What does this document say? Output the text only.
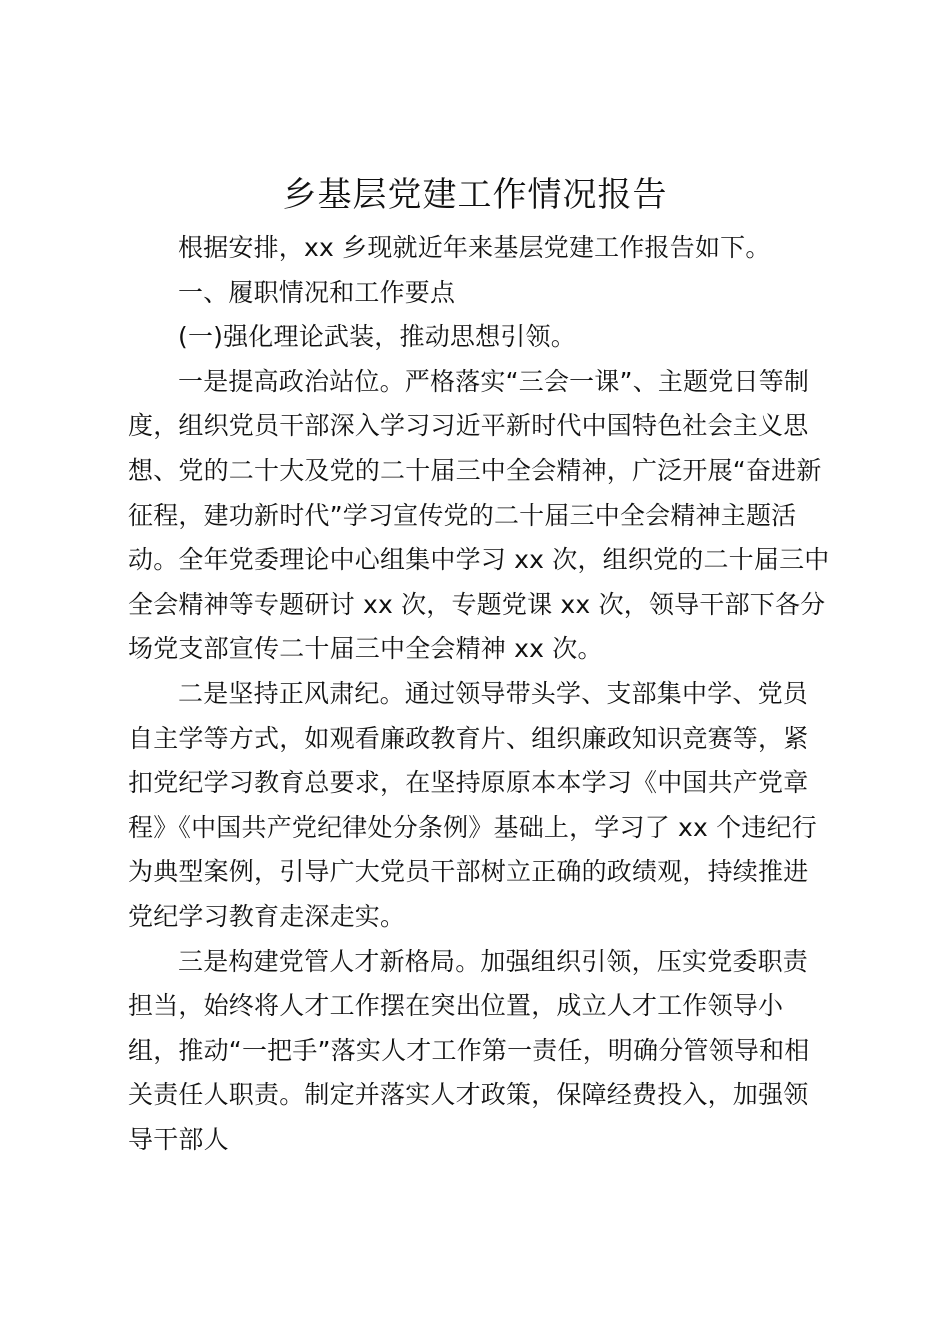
乡基层党建工作情况报告

根据安排，xx 乡现就近年来基层党建工作报告如下。

一、履职情况和工作要点

(一)强化理论武装，推动思想引领。

一是提高政治站位。严格落实“三会一课”、主题党日等制
度，组织党员干部深入学习习近平新时代中国特色社会主义思
想、党的二十大及党的二十届三中全会精神，广泛开展“奋进新
征程，建功新时代”学习宣传党的二十届三中全会精神主题活
动。全年党委理论中心组集中学习 xx 次，组织党的二十届三中
全会精神等专题研讨 xx 次，专题党课 xx 次，领导干部下各分
场党支部宣传二十届三中全会精神 xx 次。

二是坚持正风肃纪。通过领导带头学、支部集中学、党员
自主学等方式，如观看廉政教育片、组织廉政知识竞赛等，紧
扣党纪学习教育总要求，在坚持原原本本学习《中国共产党章
程》《中国共产党纪律处分条例》基础上，学习了 xx 个违纪行
为典型案例，引导广大党员干部树立正确的政绩观，持续推进
党纪学习教育走深走实。

三是构建党管人才新格局。加强组织引领，压实党委职责
担当，始终将人才工作摆在突出位置，成立人才工作领导小
组，推动“一把手”落实人才工作第一责任，明确分管领导和相
关责任人职责。制定并落实人才政策，保障经费投入，加强领
导干部人
